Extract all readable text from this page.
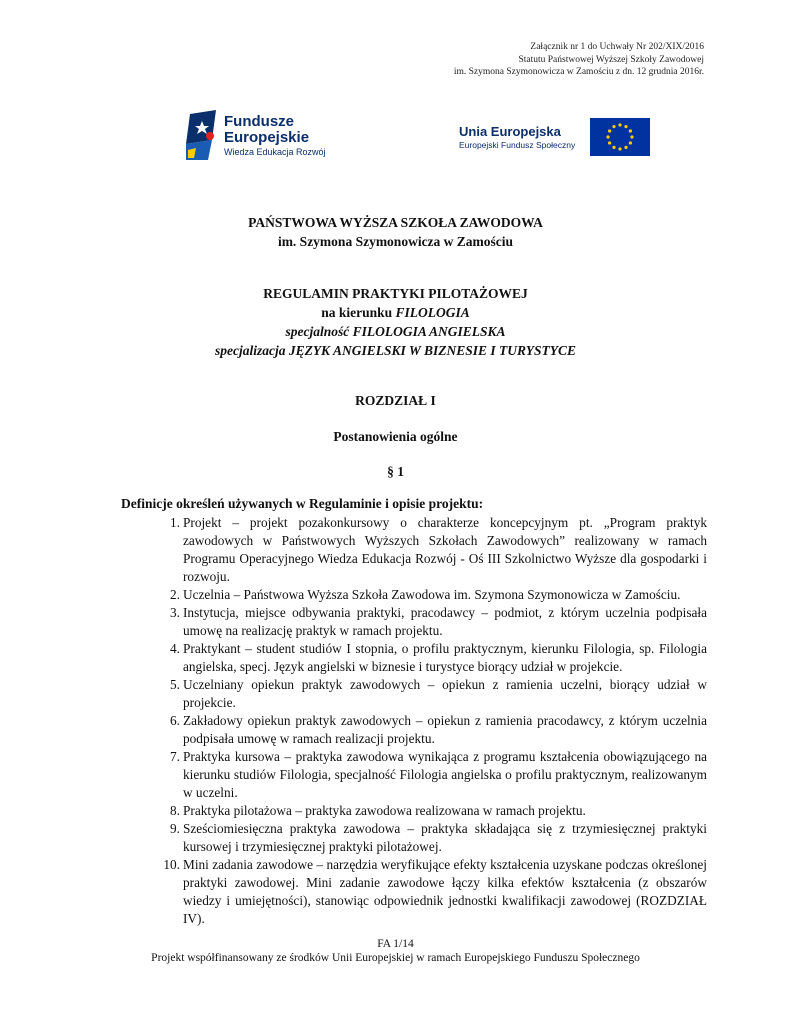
Załącznik nr 1 do Uchwały Nr 202/XIX/2016
Statutu Państwowej Wyższej Szkoły Zawodowej
im. Szymona Szymonowicza w Zamościu z dn. 12 grudnia 2016r.
Fundusze
Europejskie
Wiedza Edukacja Rozwój
Unia Europejska
Europejski Fundusz Społeczny
PAŃSTWOWA WYŻSZA SZKOŁA ZAWODOWA
im. Szymona Szymonowicza w Zamościu
REGULAMIN PRAKTYKI PILOTAŻOWEJ
na kierunku FILOLOGIA
specjalność FILOLOGIA ANGIELSKA
specjalizacja JĘZYK ANGIELSKI W BIZNESIE I TURYSTYCE
ROZDZIAŁ I
Postanowienia ogólne
§ 1
Definicje określeń używanych w Regulaminie i opisie projektu:
1. Projekt – projekt pozakonkursowy o charakterze koncepcyjnym pt. „Program praktyk zawodowych w Państwowych Wyższych Szkołach Zawodowych” realizowany w ramach Programu Operacyjnego Wiedza Edukacja Rozwój - Oś III Szkolnictwo Wyższe dla gospodarki i rozwoju.
2. Uczelnia – Państwowa Wyższa Szkoła Zawodowa im. Szymona Szymonowicza w Zamościu.
3. Instytucja, miejsce odbywania praktyki, pracodawcy – podmiot, z którym uczelnia podpisała umowę na realizację praktyk w ramach projektu.
4. Praktykant – student studiów I stopnia, o profilu praktycznym, kierunku Filologia, sp. Filologia angielska, specj. Język angielski w biznesie i turystyce biorący udział w projekcie.
5. Uczelniany opiekun praktyk zawodowych – opiekun z ramienia uczelni, biorący udział w projekcie.
6. Zakładowy opiekun praktyk zawodowych – opiekun z ramienia pracodawcy, z którym uczelnia podpisała umowę w ramach realizacji projektu.
7. Praktyka kursowa – praktyka zawodowa wynikająca z programu kształcenia obowiązującego na kierunku studiów Filologia, specjalność Filologia angielska o profilu praktycznym, realizowanym w uczelni.
8. Praktyka pilotażowa – praktyka zawodowa realizowana w ramach projektu.
9. Sześciomiesięczna praktyka zawodowa – praktyka składająca się z trzymiesięcznej praktyki kursowej i trzymiesięcznej praktyki pilotażowej.
10. Mini zadania zawodowe – narzędzia weryfikujące efekty kształcenia uzyskane podczas określonej praktyki zawodowej. Mini zadanie zawodowe łączy kilka efektów kształcenia (z obszarów wiedzy i umiejętności), stanowiąc odpowiednik jednostki kwalifikacji zawodowej (ROZDZIAŁ IV).
FA 1/14
Projekt współfinansowany ze środków Unii Europejskiej w ramach Europejskiego Funduszu Społecznego
